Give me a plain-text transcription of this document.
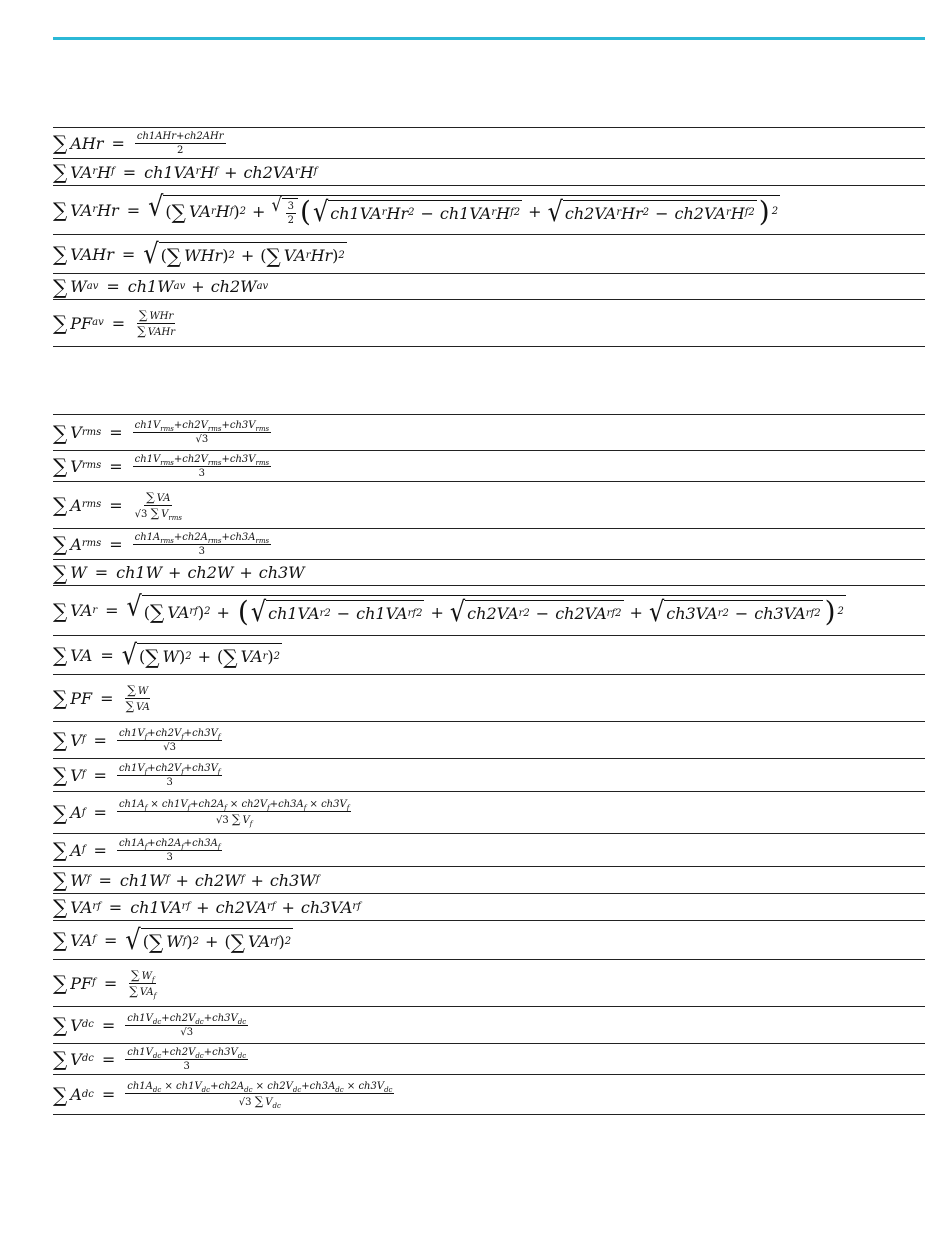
∑ AHr = $\frac{\text{ch1AHr+ch2AHr}}{2}$
∑ VA r H f = ch1VA r H f + ch2VA r H f
∑ VA r Hr = √ ( ∑ VA r H f ) 2 + √ $\frac{3}{2}$ ( √ ch1VA r Hr 2 − ch1VA r H f 2 + √ ch2VA r Hr 2 − ch2VA r H f 2 ) 2
∑ VAHr = √ ( ∑ WHr ) 2 + ( ∑ VA r Hr ) 2
∑ W av = ch1W av + ch2W av
∑ PF av = $\frac{\text{∑ WHr}}{\text{∑ VAHr}}$
∑ V rms = $\frac{ch1V_{rms}+ch2V_{rms}+ch3V_{rms}}{√3}$
∑ V rms = $\frac{ch1V_{rms}+ch2V_{rms}+ch3V_{rms}}{3}$
∑ A rms = $\frac{\sum VA}{√3 \sum V_{rms}}$
∑ A rms = $\frac{ch1A_{rms}+ch2A_{rms}+ch3A_{rms}}{3}$
∑ W = ch1W + ch2W + ch3W
∑ VA r = √ ( ∑ VA rf ) 2 + ( √ ch1VA r 2 − ch1VA rf 2 + √ ch2VA r 2 − ch2VA rf 2 + √ ch3VA r 2 − ch3VA rf 2 ) 2
∑ VA = √ ( ∑ W ) 2 + ( ∑ VA r ) 2
∑ PF = $\frac{\sum W}{\sum VA}$
∑ V $f = \frac{ch1V_f+ch2V_f+ch3V_f}{√3}$
∑ V $f = \frac{ch1V_f+ch2V_f+ch3V_f}{3}$
∑ A $f = \frac{ch1A_f \times ch1V_f+ch2A_f \times ch2V_f+ch3A_f \times ch3V_f}{√3 \sum V_f}$
∑ A $f = \frac{ch1A_f+ch2A_f+ch3A_f}{3}$
∑ W f = ch1W f + ch2W f + ch3W f
∑ VA rf = ch1VA rf + ch2VA rf + ch3VA rf
∑ VA f = √ ( ∑ W f ) 2 + ( ∑ VA rf ) 2
∑ PF $f = \frac{\sum W_f}{\sum VA_f}$
∑ V dc = $\frac{ch1V_{dc}+ch2V_{dc}+ch3V_{dc}}{√3}$
∑ V dc = $\frac{ch1V_{dc}+ch2V_{dc}+ch3V_{dc}}{3}$
∑ A dc = $\frac{ch1A_{dc} \times ch1V_{dc}+ch2A_{dc} \times ch2V_{dc}+ch3A_{dc} \times ch3V_{dc}}{√3 \sum V_{dc}}$
